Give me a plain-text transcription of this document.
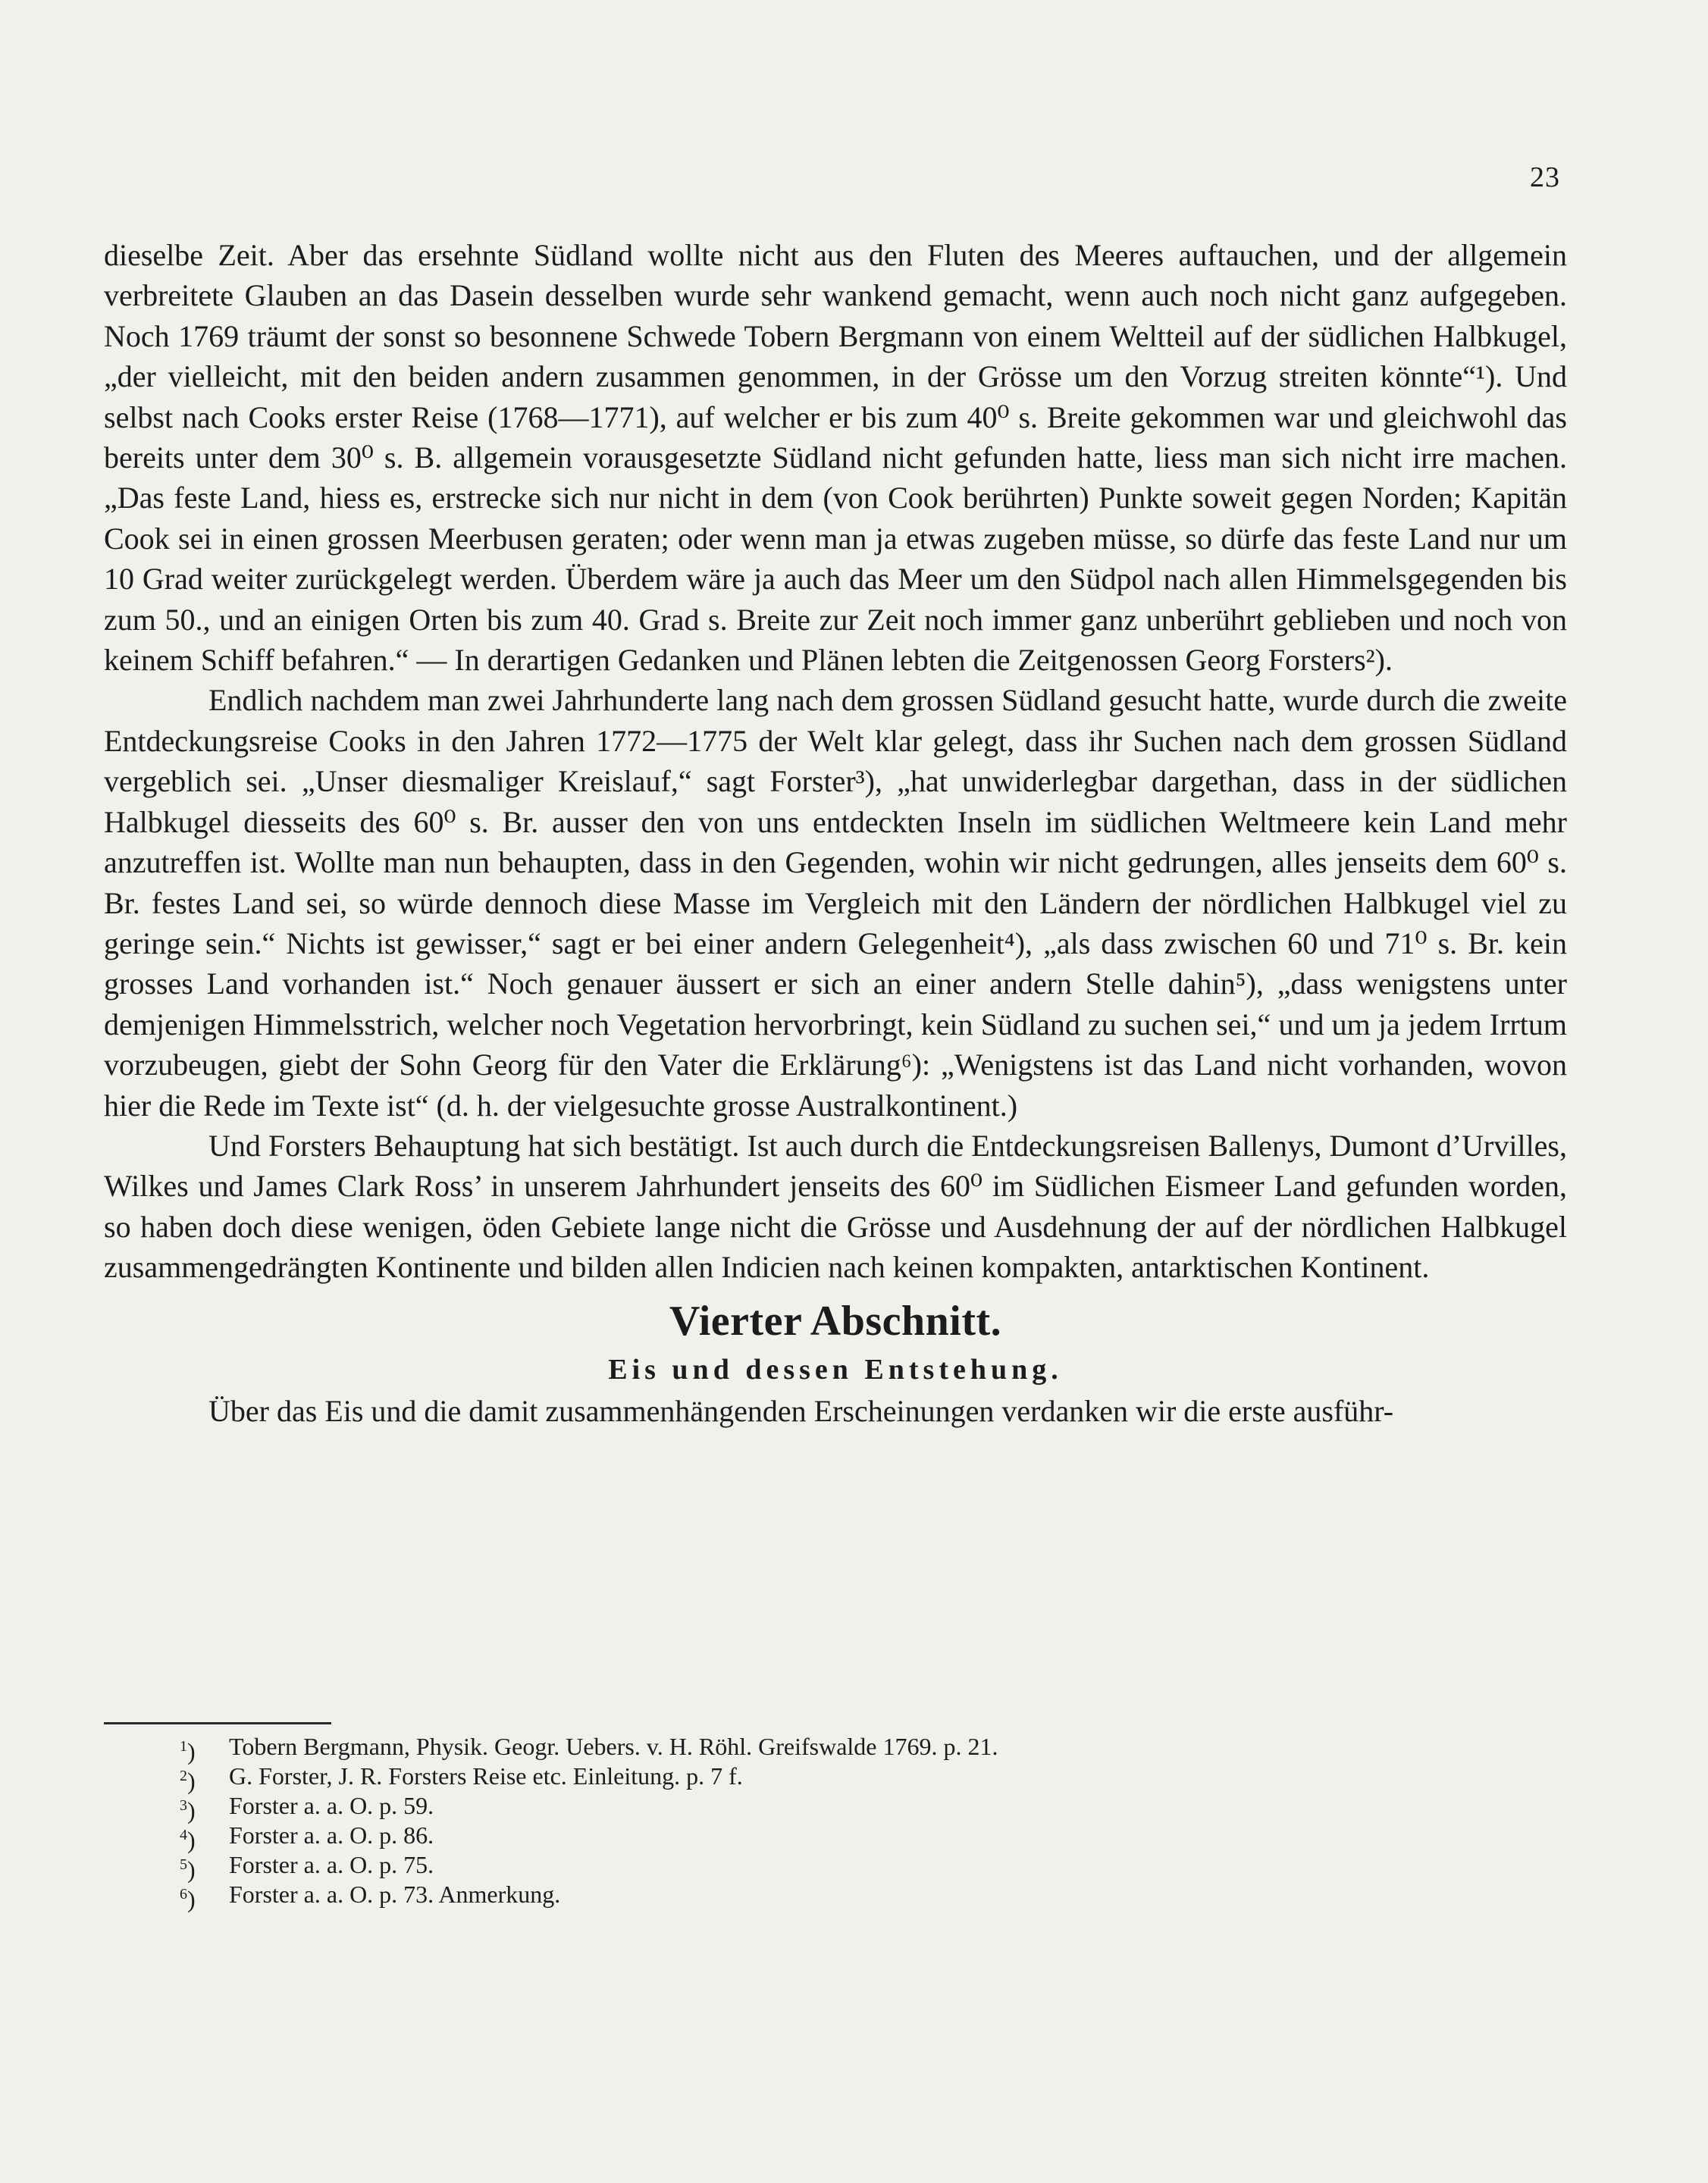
23

dieselbe Zeit. Aber das ersehnte Südland wollte nicht aus den Fluten des Meeres auftauchen, und der allgemein verbreitete Glauben an das Dasein desselben wurde sehr wankend gemacht, wenn auch noch nicht ganz aufgegeben. Noch 1769 träumt der sonst so besonnene Schwede Tobern Bergmann von einem Weltteil auf der südlichen Halbkugel, „der vielleicht, mit den beiden andern zusammen genommen, in der Grösse um den Vorzug streiten könnte“¹). Und selbst nach Cooks erster Reise (1768—1771), auf welcher er bis zum 40⁰ s. Breite gekommen war und gleichwohl das bereits unter dem 30⁰ s. B. allgemein vorausgesetzte Südland nicht gefunden hatte, liess man sich nicht irre machen. „Das feste Land, hiess es, erstrecke sich nur nicht in dem (von Cook berührten) Punkte soweit gegen Norden; Kapitän Cook sei in einen grossen Meerbusen geraten; oder wenn man ja etwas zugeben müsse, so dürfe das feste Land nur um 10 Grad weiter zurückgelegt werden. Überdem wäre ja auch das Meer um den Südpol nach allen Himmelsgegenden bis zum 50., und an einigen Orten bis zum 40. Grad s. Breite zur Zeit noch immer ganz unberührt geblieben und noch von keinem Schiff befahren.“ — In derartigen Gedanken und Plänen lebten die Zeitgenossen Georg Forsters²).

Endlich nachdem man zwei Jahrhunderte lang nach dem grossen Südland gesucht hatte, wurde durch die zweite Entdeckungsreise Cooks in den Jahren 1772—1775 der Welt klar gelegt, dass ihr Suchen nach dem grossen Südland vergeblich sei. „Unser diesmaliger Kreislauf,“ sagt Forster³), „hat unwiderlegbar dargethan, dass in der südlichen Halbkugel diesseits des 60⁰ s. Br. ausser den von uns entdeckten Inseln im südlichen Weltmeere kein Land mehr anzutreffen ist. Wollte man nun behaupten, dass in den Gegenden, wohin wir nicht gedrungen, alles jenseits dem 60⁰ s. Br. festes Land sei, so würde dennoch diese Masse im Vergleich mit den Ländern der nördlichen Halbkugel viel zu geringe sein.“ Nichts ist gewisser,“ sagt er bei einer andern Gelegenheit⁴), „als dass zwischen 60 und 71⁰ s. Br. kein grosses Land vorhanden ist.“ Noch genauer äussert er sich an einer andern Stelle dahin⁵), „dass wenigstens unter demjenigen Himmelsstrich, welcher noch Vegetation hervorbringt, kein Südland zu suchen sei,“ und um ja jedem Irrtum vorzubeugen, giebt der Sohn Georg für den Vater die Erklärung⁶): „Wenigstens ist das Land nicht vorhanden, wovon hier die Rede im Texte ist“ (d. h. der vielgesuchte grosse Australkontinent.)

Und Forsters Behauptung hat sich bestätigt. Ist auch durch die Entdeckungsreisen Ballenys, Dumont d’Urvilles, Wilkes und James Clark Ross’ in unserem Jahrhundert jenseits des 60⁰ im Südlichen Eismeer Land gefunden worden, so haben doch diese wenigen, öden Gebiete lange nicht die Grösse und Ausdehnung der auf der nördlichen Halbkugel zusammengedrängten Kontinente und bilden allen Indicien nach keinen kompakten, antarktischen Kontinent.

Vierter Abschnitt.
Eis und dessen Entstehung.

Über das Eis und die damit zusammenhängenden Erscheinungen verdanken wir die erste ausführ-

$^1$)	Tobern Bergmann, Physik. Geogr. Uebers. v. H. Röhl. Greifswalde 1769. p. 21.
$^2$)	G. Forster, J. R. Forsters Reise etc. Einleitung. p. 7 f.
$^3$)	Forster a. a. O. p. 59.
$^4$)	Forster a. a. O. p. 86.
$^5$)	Forster a. a. O. p. 75.
$^6$)	Forster a. a. O. p. 73. Anmerkung.
